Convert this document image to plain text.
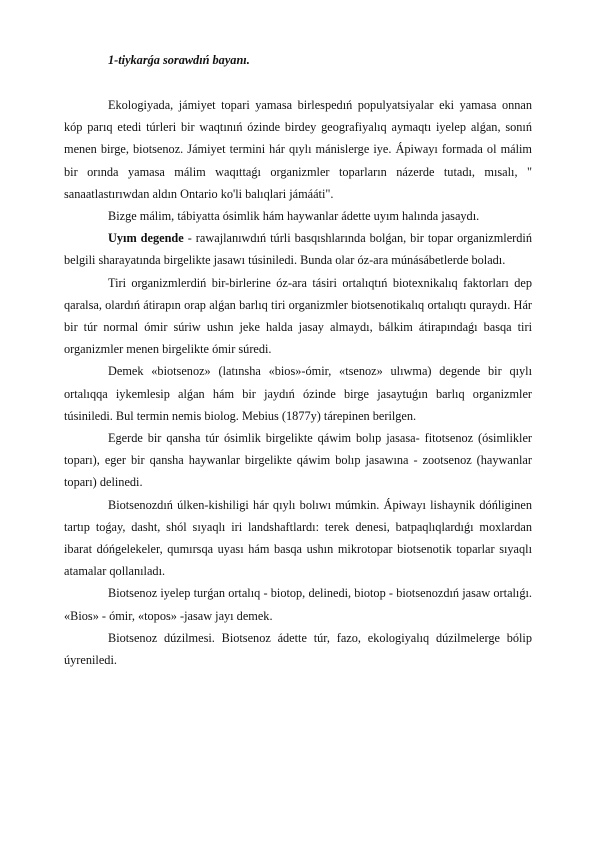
1-tiykarǵa sorawdıń bayanı.

Ekologiyada, jámiyet topari yamasa birlespedıń populyatsiyalar eki yamasa onnan kóp parıq etedi túrleri bir waqtınıń ózinde birdey geografiyalıq aymaqtı iyelep alǵan, sonıń menen birge, biotsenoz. Jámiyet termini hár qıylı mánislerge iye. Ápiwayı formada ol málim bir orında yamasa málim waqıttaǵı organizmler toparların názerde tutadı, mısalı, " sanaatlastırıwdan aldın Ontario ko'li balıqlari jámááti".

Bizge málim, tábiyatta ósimlik hám haywanlar ádette uyım halında jasaydı.

Uyım degende - rawajlanıwdıń túrli basqıshlarında bolǵan, bir topar organizmlerdiń belgili sharayatında birgelikte jasawı túsiniledi. Bunda olar óz-ara múnásábetlerde boladı.

Tiri organizmlerdiń bir-birlerine óz-ara tásiri ortalıqtıń biotexnikalıq faktorları dep qaralsa, olardıń átirapın orap alǵan barlıq tiri organizmler biotsenotikalıq ortalıqtı quraydı. Hár bir túr normal ómir súriw ushın jeke halda jasay almaydı, bálkim átirapındaǵı basqa tiri organizmler menen birgelikte ómir súredi.

Demek «biotsenoz» (latınsha «bios»-ómir, «tsenoz» ulıwma) degende bir qıylı ortalıqqa iykemlesip alǵan hám bir jaydıń ózinde birge jasaytuǵın barlıq organizmler túsiniledi. Bul termin nemis biolog. Mebius (1877y) tárepinen berilgen.

Egerde bir qansha túr ósimlik birgelikte qáwim bolıp jasasa- fitotsenoz (ósimlikler toparı), eger bir qansha haywanlar birgelikte qáwim bolıp jasawına - zootsenoz (haywanlar toparı) delinedi.

Biotsenozdıń úlken-kishiligi hár qıylı bolıwı múmkin. Ápiwayı lishaynik dóńliginen tartıp toǵay, dasht, shól sıyaqlı iri landshaftlardı: terek denesi, batpaqlıqlardıǵı moxlardan ibarat dóńgelekeler, qumırsqa uyası hám basqa ushın mikrotopar biotsenotik toparlar sıyaqlı atamalar qollanıladı.

Biotsenoz iyelep turǵan ortalıq - biotop, delinedi, biotop - biotsenozdıń jasaw ortalıǵı. «Bios» - ómir, «topos» -jasaw jayı demek.

Biotsenoz dúzilmesi. Biotsenoz ádette túr, fazo, ekologiyalıq dúzilmelerge bólip úyreniledi.
